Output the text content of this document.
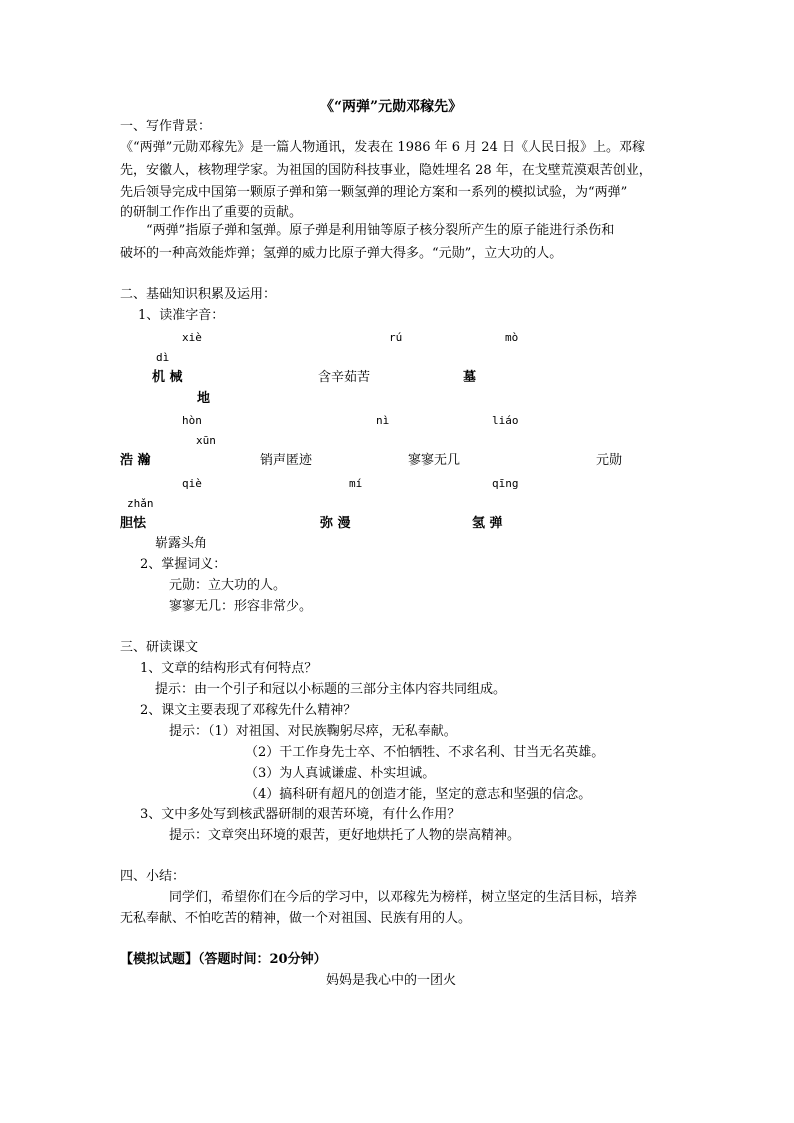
《“两弹”元勋邓稼先》
一、写作背景：
《“两弹”元勋邓稼先》是一篇人物通讯，发表在 1986 年 6 月 24 日《人民日报》上。邓稼
先，安徽人，核物理学家。为祖国的国防科技事业，隐姓埋名 28 年，在戈壁荒漠艰苦创业，
先后领导完成中国第一颗原子弹和第一颗氢弹的理论方案和一系列的模拟试验，为“两弹”
的研制工作作出了重要的贡献。
“两弹”指原子弹和氢弹。原子弹是利用铀等原子核分裂所产生的原子能进行杀伤和
破坏的一种高效能炸弹；氢弹的威力比原子弹大得多。“元勋”，立大功的人。
二、基础知识积累及运用：
1、读准字音：
xiè	rú	mò
dì
机 械	含辛茹苦	墓
地
hòn	nì	liáo
xūn
浩 瀚	销声匿迹	寥寥无几	元勋
qiè	mí	qīng
zhǎn
胆怯	弥 漫	氢 弹
崭露头角
2、掌握词义：
元勋：立大功的人。
寥寥无几：形容非常少。
三、研读课文
1、文章的结构形式有何特点？
提示：由一个引子和冠以小标题的三部分主体内容共同组成。
2、课文主要表现了邓稼先什么精神？
提示：（1）对祖国、对民族鞠躬尽瘁，无私奉献。
（2）干工作身先士卒、不怕牺牲、不求名利、甘当无名英雄。
（3）为人真诚谦虚、朴实坦诚。
（4）搞科研有超凡的创造才能，坚定的意志和坚强的信念。
3、文中多处写到核武器研制的艰苦环境，有什么作用？
提示：文章突出环境的艰苦，更好地烘托了人物的崇高精神。
四、小结：
同学们，希望你们在今后的学习中，以邓稼先为榜样，树立坚定的生活目标，培养
无私奉献、不怕吃苦的精神，做一个对祖国、民族有用的人。
【模拟试题】（答题时间：20分钟）
妈妈是我心中的一团火
